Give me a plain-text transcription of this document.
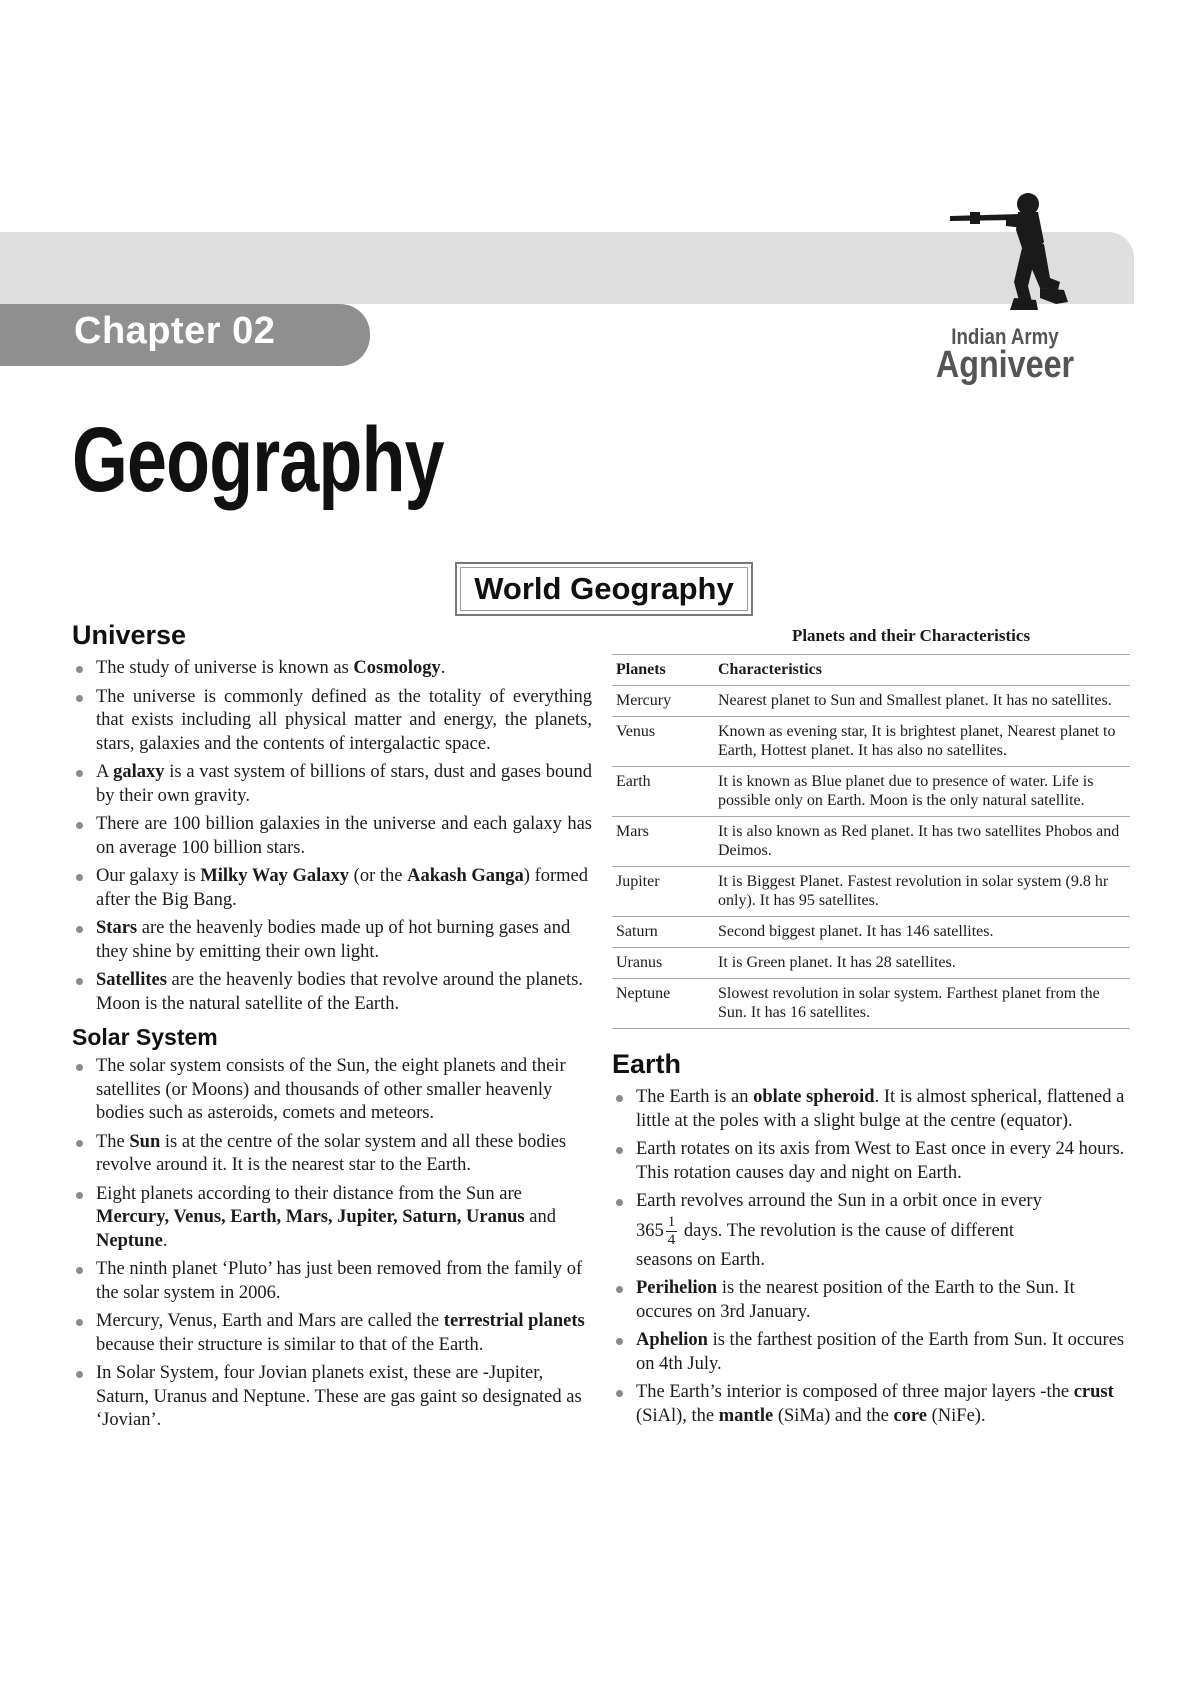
Chapter 02	Indian Army
Agniveer
Geography
World Geography
Universe
The study of universe is known as Cosmology.
The universe is commonly defined as the totality of everything that exists including all physical matter and energy, the planets, stars, galaxies and the contents of intergalactic space.
A galaxy is a vast system of billions of stars, dust and gases bound by their own gravity.
There are 100 billion galaxies in the universe and each galaxy has on average 100 billion stars.
Our galaxy is Milky Way Galaxy (or the Aakash Ganga) formed after the Big Bang.
Stars are the heavenly bodies made up of hot burning gases and they shine by emitting their own light.
Satellites are the heavenly bodies that revolve around the planets. Moon is the natural satellite of the Earth.
Solar System
The solar system consists of the Sun, the eight planets and their satellites (or Moons) and thousands of other smaller heavenly bodies such as asteroids, comets and meteors.
The Sun is at the centre of the solar system and all these bodies revolve around it. It is the nearest star to the Earth.
Eight planets according to their distance from the Sun are Mercury, Venus, Earth, Mars, Jupiter, Saturn, Uranus and Neptune.
The ninth planet ‘Pluto’ has just been removed from the family of the solar system in 2006.
Mercury, Venus, Earth and Mars are called the terrestrial planets because their structure is similar to that of the Earth.
In Solar System, four Jovian planets exist, these are -Jupiter, Saturn, Uranus and Neptune. These are gas gaint so designated as ‘Jovian’.
Planets and their Characteristics
Planets	Characteristics
Mercury	Nearest planet to Sun and Smallest planet. It has no satellites.
Venus	Known as evening star, It is brightest planet, Nearest planet to Earth, Hottest planet. It has also no satellites.
Earth	It is known as Blue planet due to presence of water. Life is possible only on Earth. Moon is the only natural satellite.
Mars	It is also known as Red planet. It has two satellites Phobos and Deimos.
Jupiter	It is Biggest Planet. Fastest revolution in solar system (9.8 hr only). It has 95 satellites.
Saturn	Second biggest planet. It has 146 satellites.
Uranus	It is Green planet. It has 28 satellites.
Neptune	Slowest revolution in solar system. Farthest planet from the Sun. It has 16 satellites.
Earth
The Earth is an oblate spheroid. It is almost spherical, flattened a little at the poles with a slight bulge at the centre (equator).
Earth rotates on its axis from West to East once in every 24 hours. This rotation causes day and night on Earth.
Earth revolves arround the Sun in a orbit once in every
$365 \frac{1}{4}$ days. The revolution is the cause of different
seasons on Earth.
Perihelion is the nearest position of the Earth to the Sun. It occures on 3rd January.
Aphelion is the farthest position of the Earth from Sun. It occures on 4th July.
The Earth’s interior is composed of three major layers -the crust (SiAl), the mantle (SiMa) and the core (NiFe).
